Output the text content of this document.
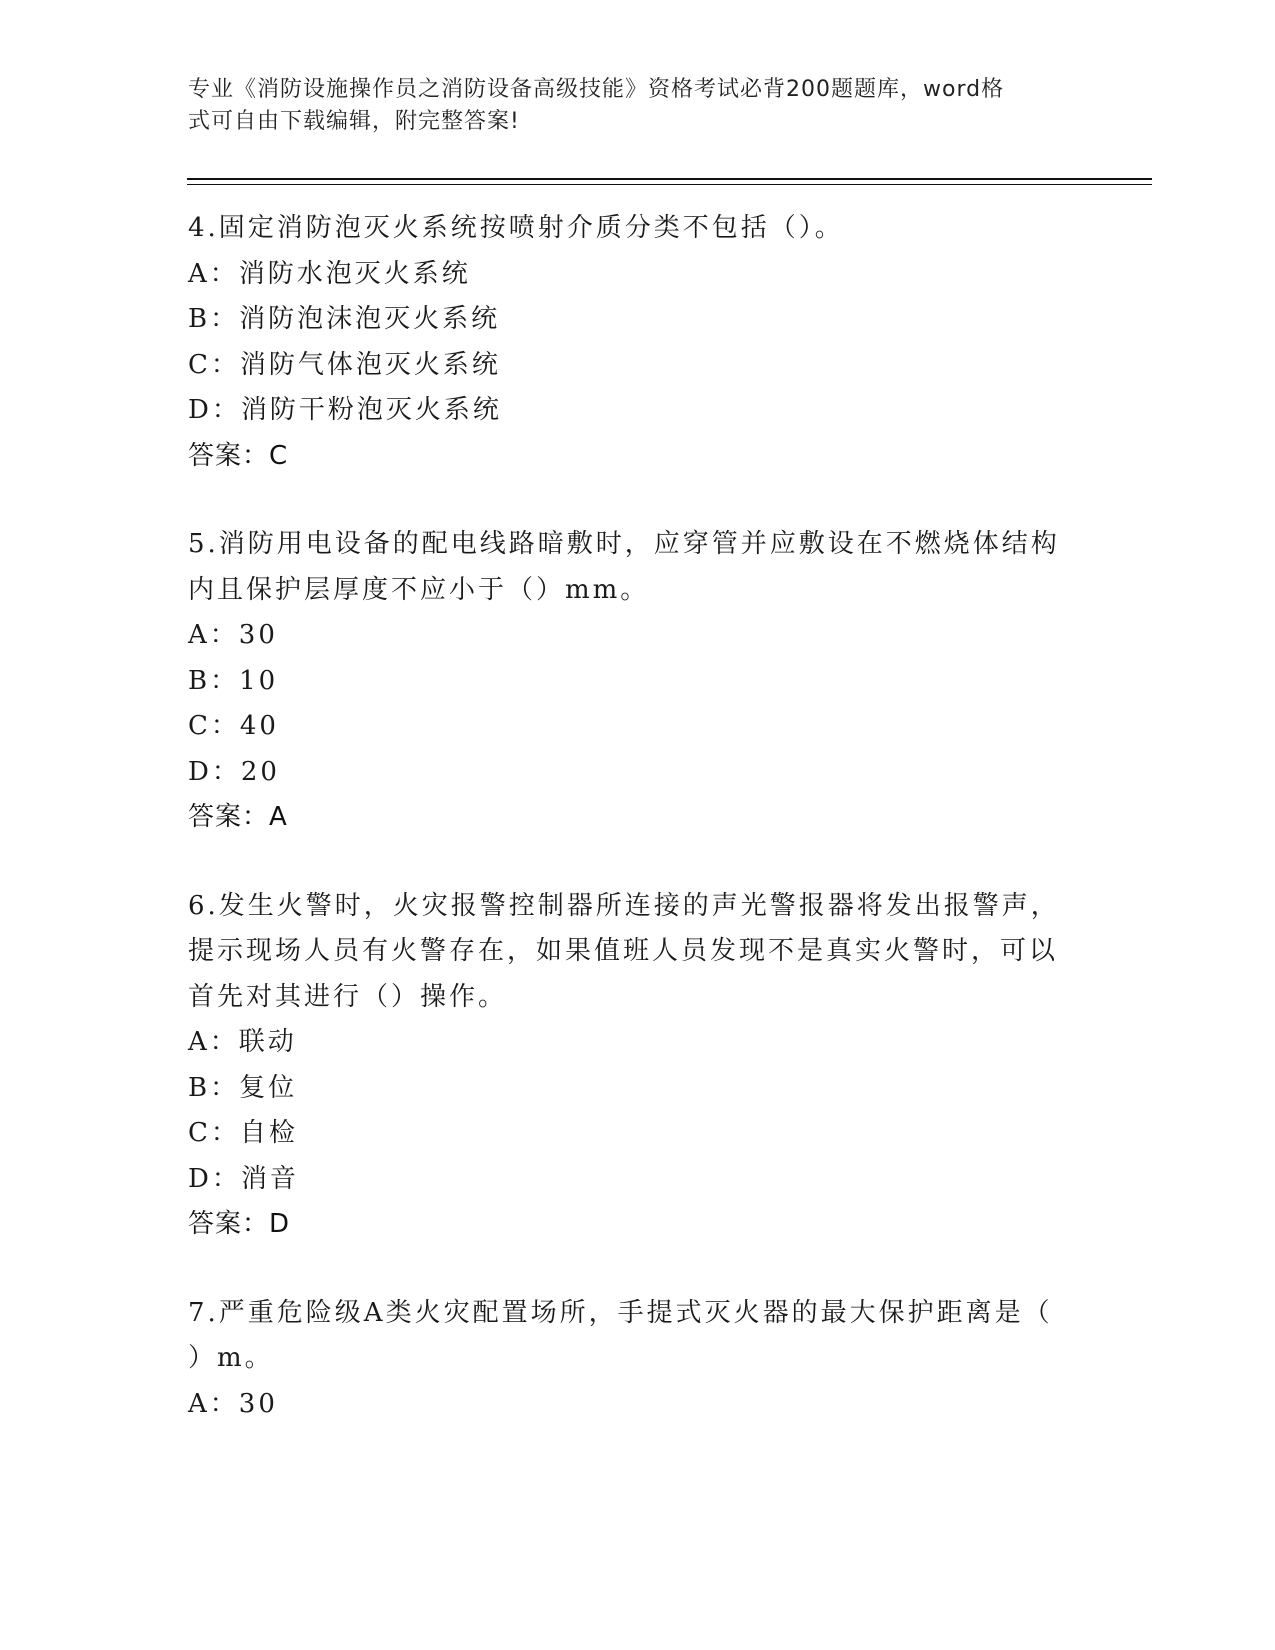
专业《消防设施操作员之消防设备高级技能》资格考试必背200题题库，word格
式可自由下载编辑，附完整答案!
4.固定消防泡灭火系统按喷射介质分类不包括（）。
A：消防水泡灭火系统
B：消防泡沫泡灭火系统
C：消防气体泡灭火系统
D：消防干粉泡灭火系统
答案：C
5.消防用电设备的配电线路暗敷时，应穿管并应敷设在不燃烧体结构
内且保护层厚度不应小于（）mm。
A：30
B：10
C：40
D：20
答案：A
6.发生火警时，火灾报警控制器所连接的声光警报器将发出报警声，
提示现场人员有火警存在，如果值班人员发现不是真实火警时，可以
首先对其进行（）操作。
A：联动
B：复位
C：自检
D：消音
答案：D
7.严重危险级A类火灾配置场所，手提式灭火器的最大保护距离是（
）m。
A：30
